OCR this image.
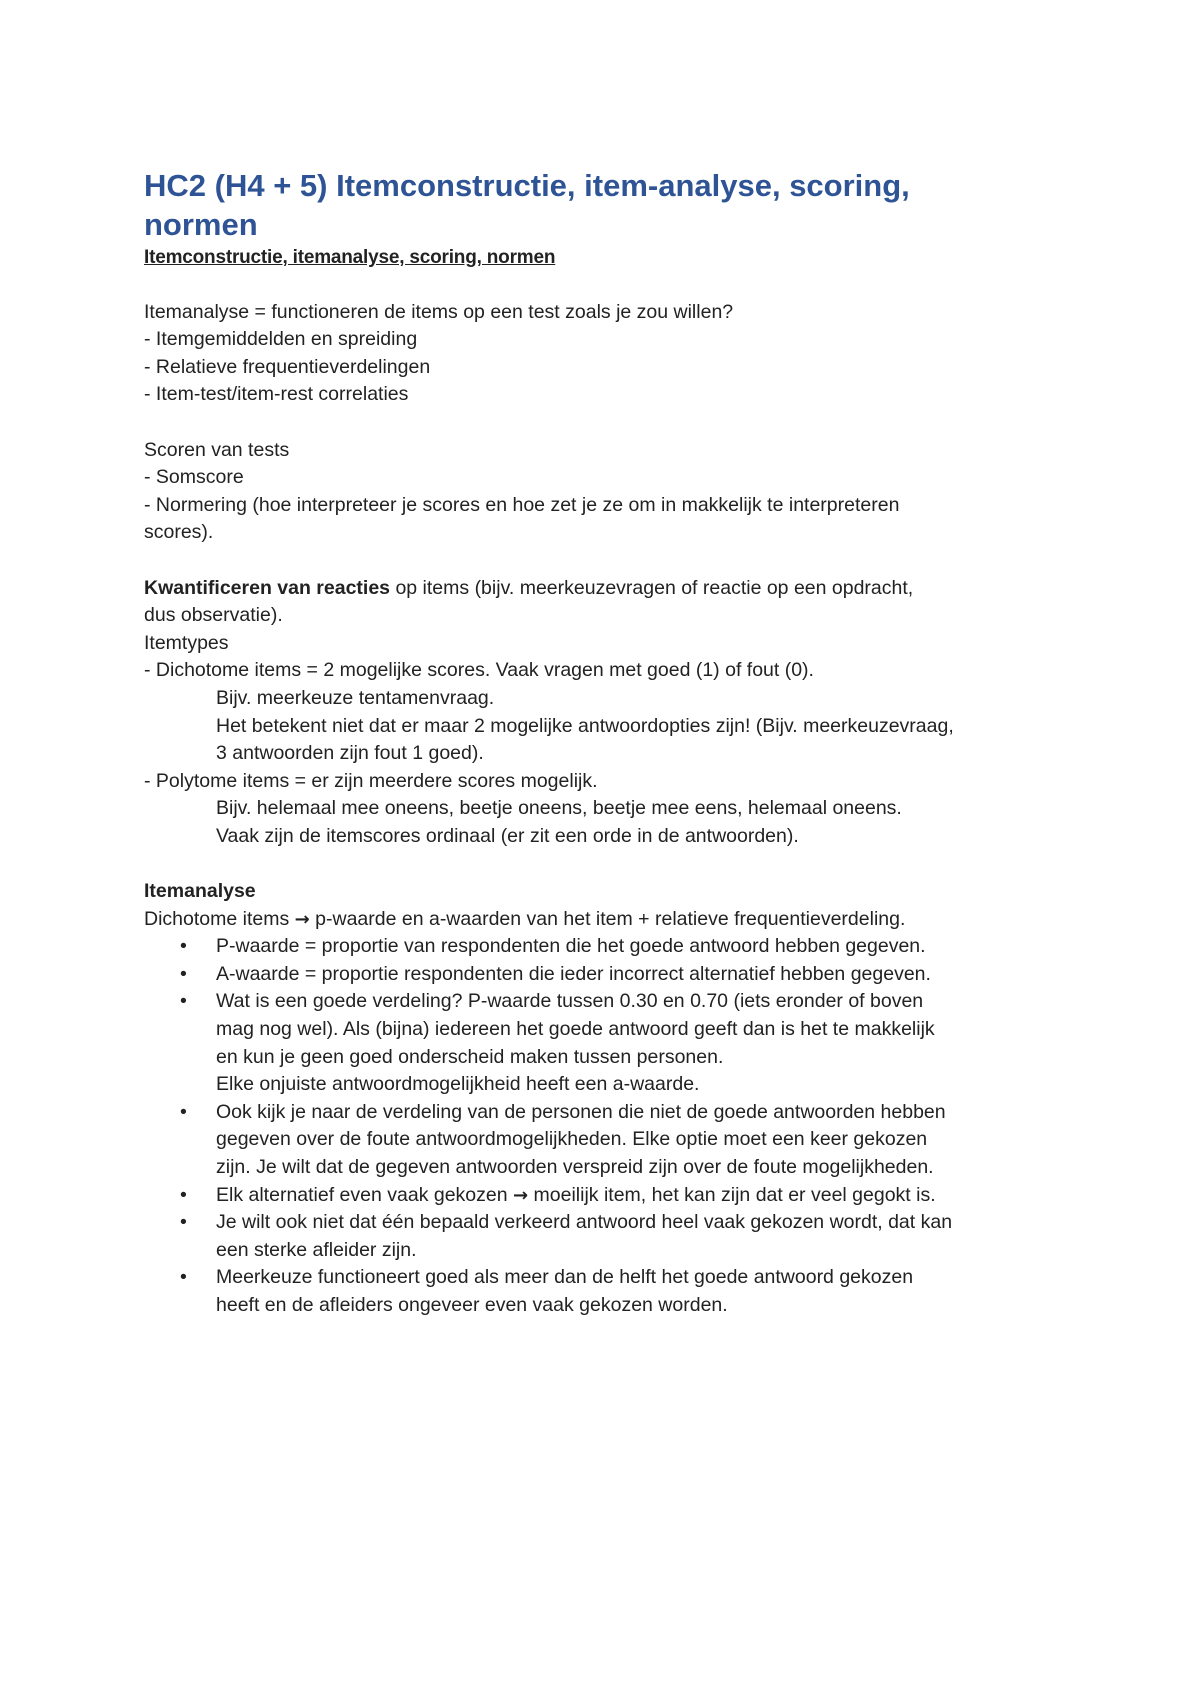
HC2 (H4 + 5) Itemconstructie, item-analyse, scoring,
normen
Itemconstructie, itemanalyse, scoring, normen
Itemanalyse = functioneren de items op een test zoals je zou willen?
- Itemgemiddelden en spreiding
- Relatieve frequentieverdelingen
- Item-test/item-rest correlaties
Scoren van tests
- Somscore
- Normering (hoe interpreteer je scores en hoe zet je ze om in makkelijk te interpreteren
scores).
Kwantificeren van reacties op items (bijv. meerkeuzevragen of reactie op een opdracht,
dus observatie).
Itemtypes
- Dichotome items = 2 mogelijke scores. Vaak vragen met goed (1) of fout (0).
Bijv. meerkeuze tentamenvraag.
Het betekent niet dat er maar 2 mogelijke antwoordopties zijn! (Bijv. meerkeuzevraag,
3 antwoorden zijn fout 1 goed).
- Polytome items = er zijn meerdere scores mogelijk.
Bijv. helemaal mee oneens, beetje oneens, beetje mee eens, helemaal oneens.
Vaak zijn de itemscores ordinaal (er zit een orde in de antwoorden).
Itemanalyse
Dichotome items → p-waarde en a-waarden van het item + relatieve frequentieverdeling.
• P-waarde = proportie van respondenten die het goede antwoord hebben gegeven.
• A-waarde = proportie respondenten die ieder incorrect alternatief hebben gegeven.
• Wat is een goede verdeling? P-waarde tussen 0.30 en 0.70 (iets eronder of boven
mag nog wel). Als (bijna) iedereen het goede antwoord geeft dan is het te makkelijk
en kun je geen goed onderscheid maken tussen personen.
Elke onjuiste antwoordmogelijkheid heeft een a-waarde.
• Ook kijk je naar de verdeling van de personen die niet de goede antwoorden hebben
gegeven over de foute antwoordmogelijkheden. Elke optie moet een keer gekozen
zijn. Je wilt dat de gegeven antwoorden verspreid zijn over de foute mogelijkheden.
• Elk alternatief even vaak gekozen → moeilijk item, het kan zijn dat er veel gegokt is.
• Je wilt ook niet dat één bepaald verkeerd antwoord heel vaak gekozen wordt, dat kan
een sterke afleider zijn.
• Meerkeuze functioneert goed als meer dan de helft het goede antwoord gekozen
heeft en de afleiders ongeveer even vaak gekozen worden.
